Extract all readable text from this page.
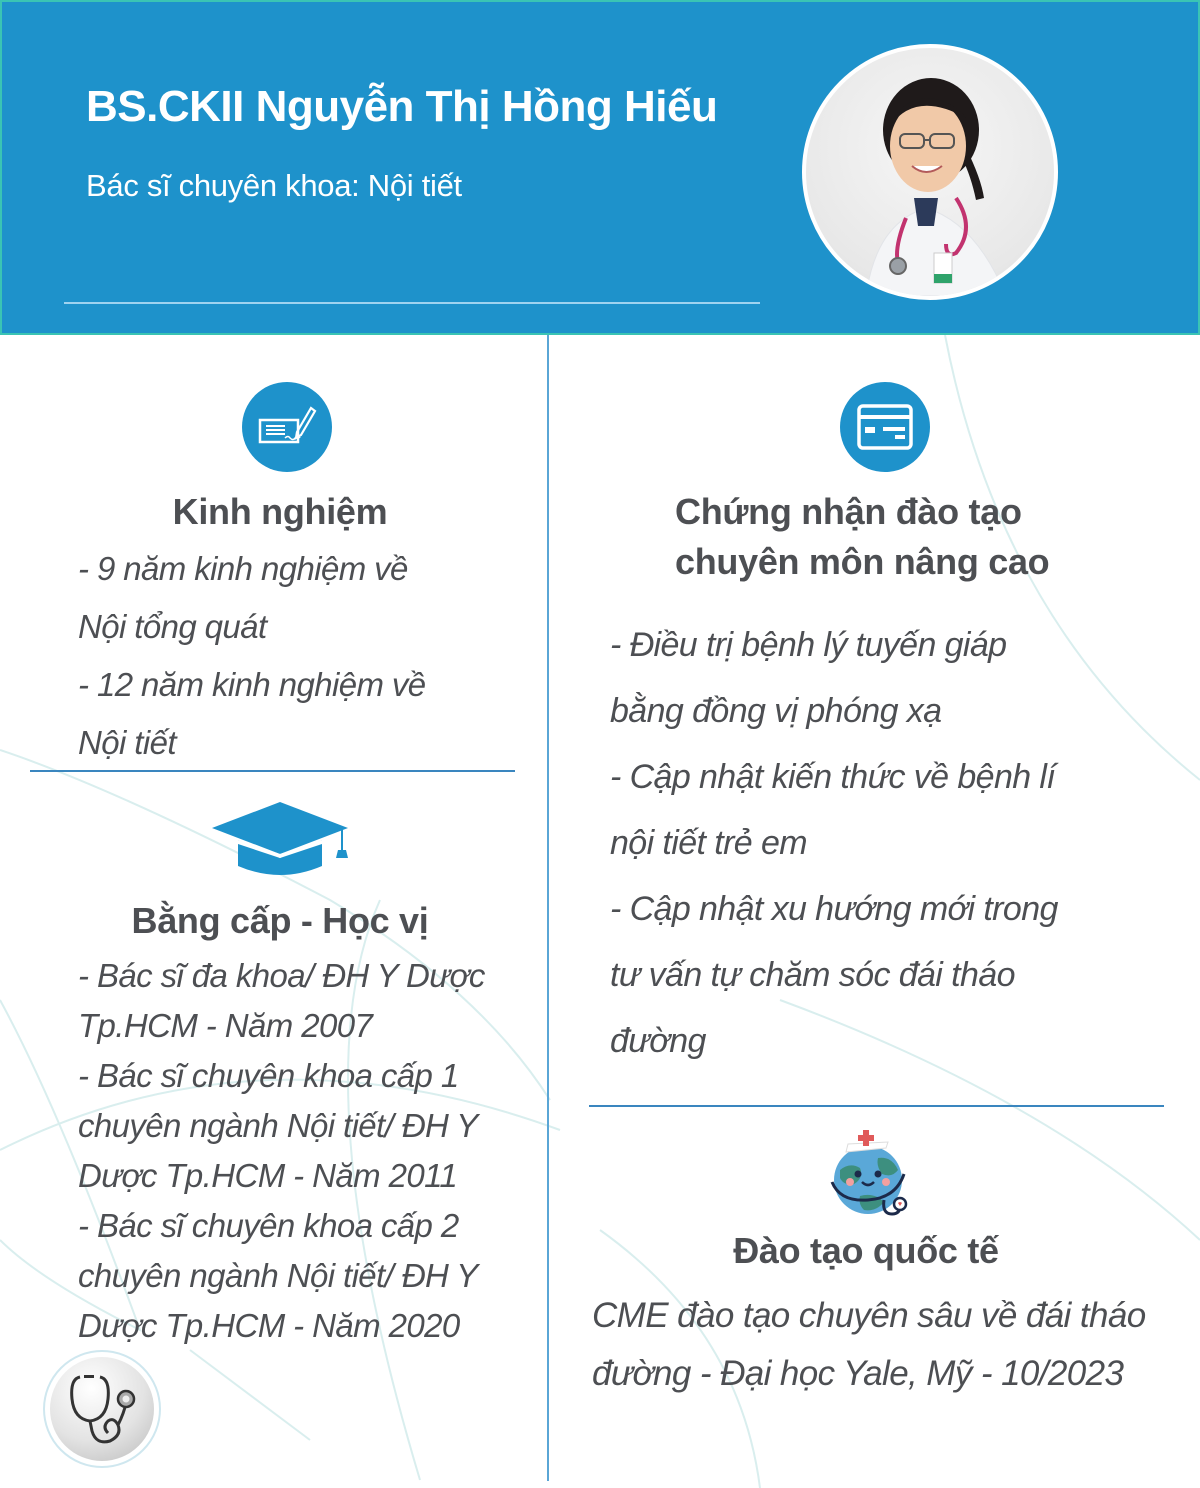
BS.CKII Nguyễn Thị Hồng Hiếu
Bác sĩ chuyên khoa: Nội tiết
Kinh nghiệm
- 9 năm kinh nghiệm về
Nội tổng quát
- 12 năm kinh nghiệm về
Nội tiết
Bằng cấp - Học vị
- Bác sĩ đa khoa/ ĐH Y Dược
Tp.HCM - Năm 2007
- Bác sĩ chuyên khoa cấp 1
chuyên ngành Nội tiết/ ĐH Y
Dược Tp.HCM - Năm 2011
- Bác sĩ chuyên khoa cấp 2
chuyên ngành Nội tiết/ ĐH Y
Dược Tp.HCM - Năm 2020
Chứng nhận đào tạo
chuyên môn nâng cao
- Điều trị bệnh lý tuyến giáp
bằng đồng vị phóng xạ
- Cập nhật kiến thức về bệnh lí
nội tiết trẻ em
- Cập nhật xu hướng mới trong
tư vấn tự chăm sóc đái tháo
đường
Đào tạo quốc tế
CME đào tạo chuyên sâu về đái tháo
đường - Đại học Yale, Mỹ - 10/2023
